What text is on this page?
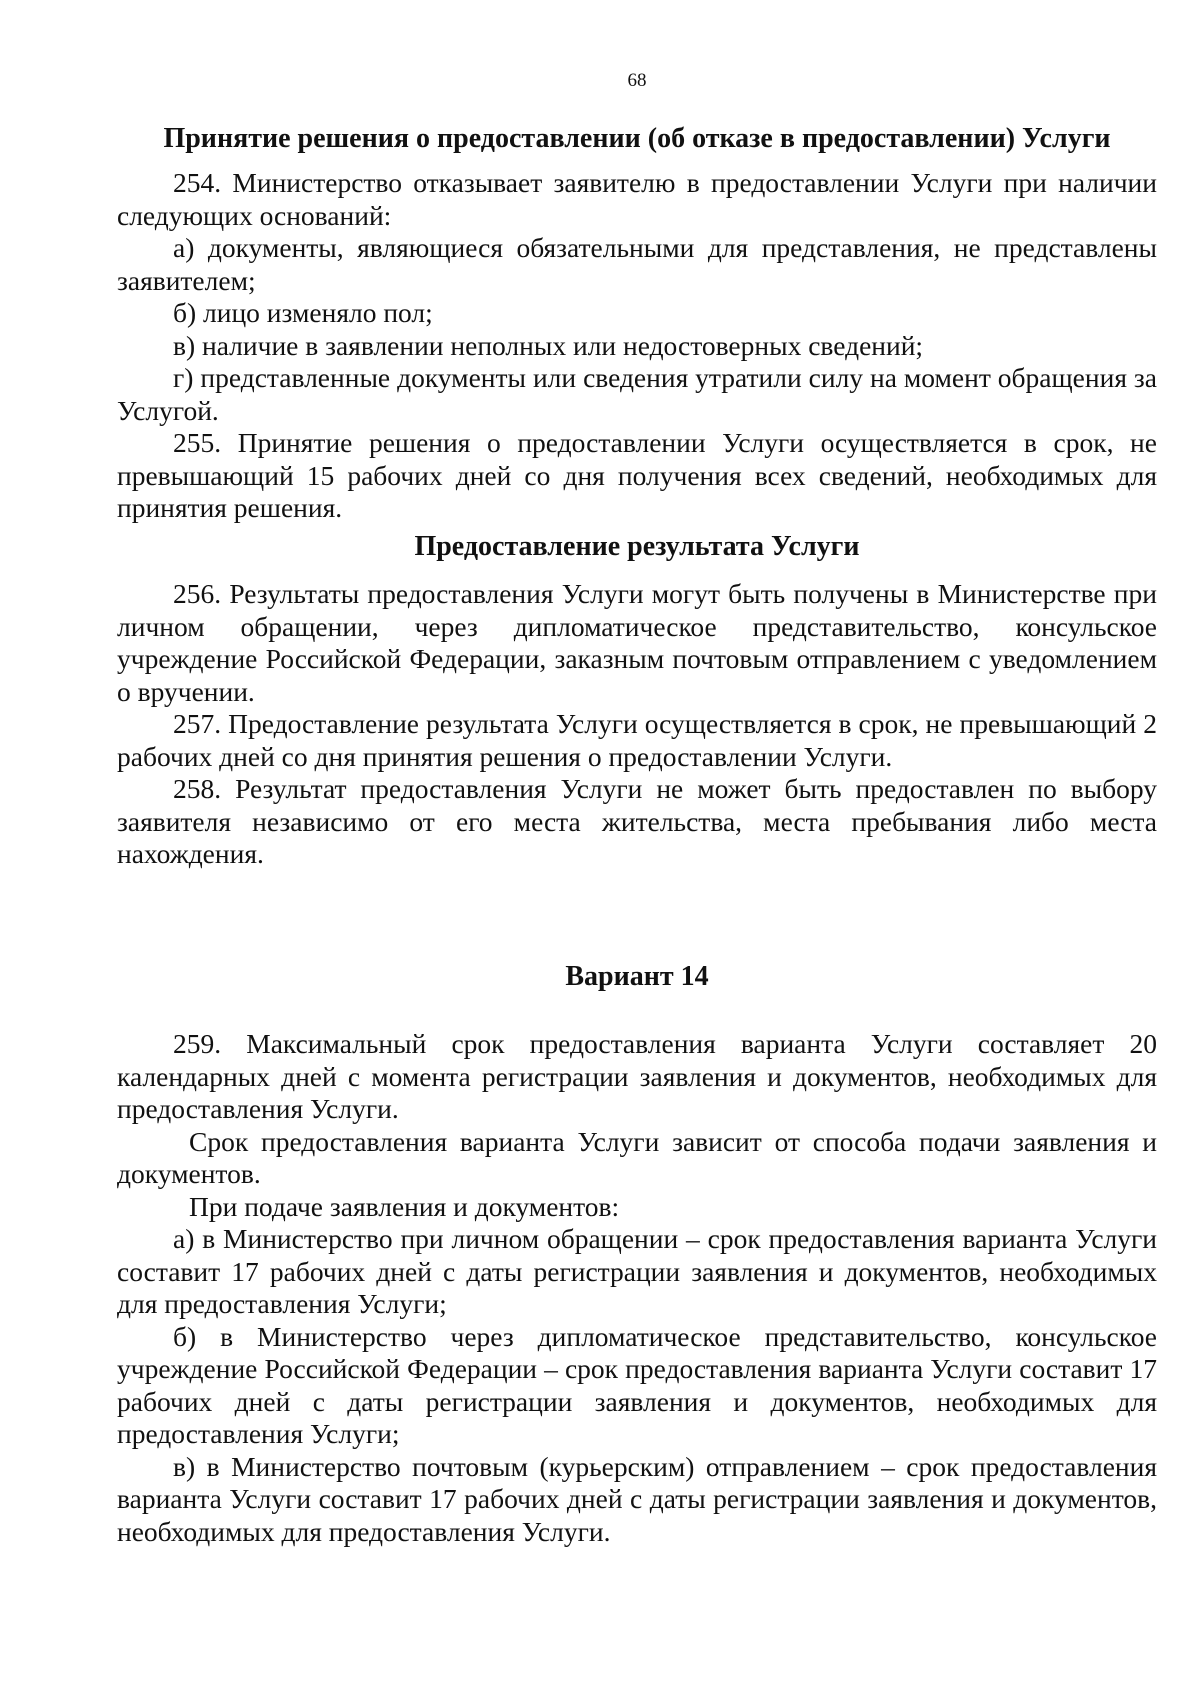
68
Принятие решения о предоставлении (об отказе в предоставлении) Услуги

254. Министерство отказывает заявителю в предоставлении Услуги при наличии следующих оснований:

а) документы, являющиеся обязательными для представления, не представлены заявителем;

б) лицо изменяло пол;

в) наличие в заявлении неполных или недостоверных сведений;

г) представленные документы или сведения утратили силу на момент обращения за Услугой.

255. Принятие решения о предоставлении Услуги осуществляется в срок, не превышающий 15 рабочих дней со дня получения всех сведений, необходимых для принятия решения.

Предоставление результата Услуги

256. Результаты предоставления Услуги могут быть получены в Министерстве при личном обращении, через дипломатическое представительство, консульское учреждение Российской Федерации, заказным почтовым отправлением с уведомлением о вручении.

257. Предоставление результата Услуги осуществляется в срок, не превышающий 2 рабочих дней со дня принятия решения о предоставлении Услуги.

258. Результат предоставления Услуги не может быть предоставлен по выбору заявителя независимо от его места жительства, места пребывания либо места нахождения.

Вариант 14

259. Максимальный срок предоставления варианта Услуги составляет 20 календарных дней с момента регистрации заявления и документов, необходимых для предоставления Услуги.

Срок предоставления варианта Услуги зависит от способа подачи заявления и документов.

При подаче заявления и документов:

а) в Министерство при личном обращении – срок предоставления варианта Услуги составит 17 рабочих дней с даты регистрации заявления и документов, необходимых для предоставления Услуги;

б) в Министерство через дипломатическое представительство, консульское учреждение Российской Федерации – срок предоставления варианта Услуги составит 17 рабочих дней с даты регистрации заявления и документов, необходимых для предоставления Услуги;

в) в Министерство почтовым (курьерским) отправлением – срок предоставления варианта Услуги составит 17 рабочих дней с даты регистрации заявления и документов, необходимых для предоставления Услуги.
